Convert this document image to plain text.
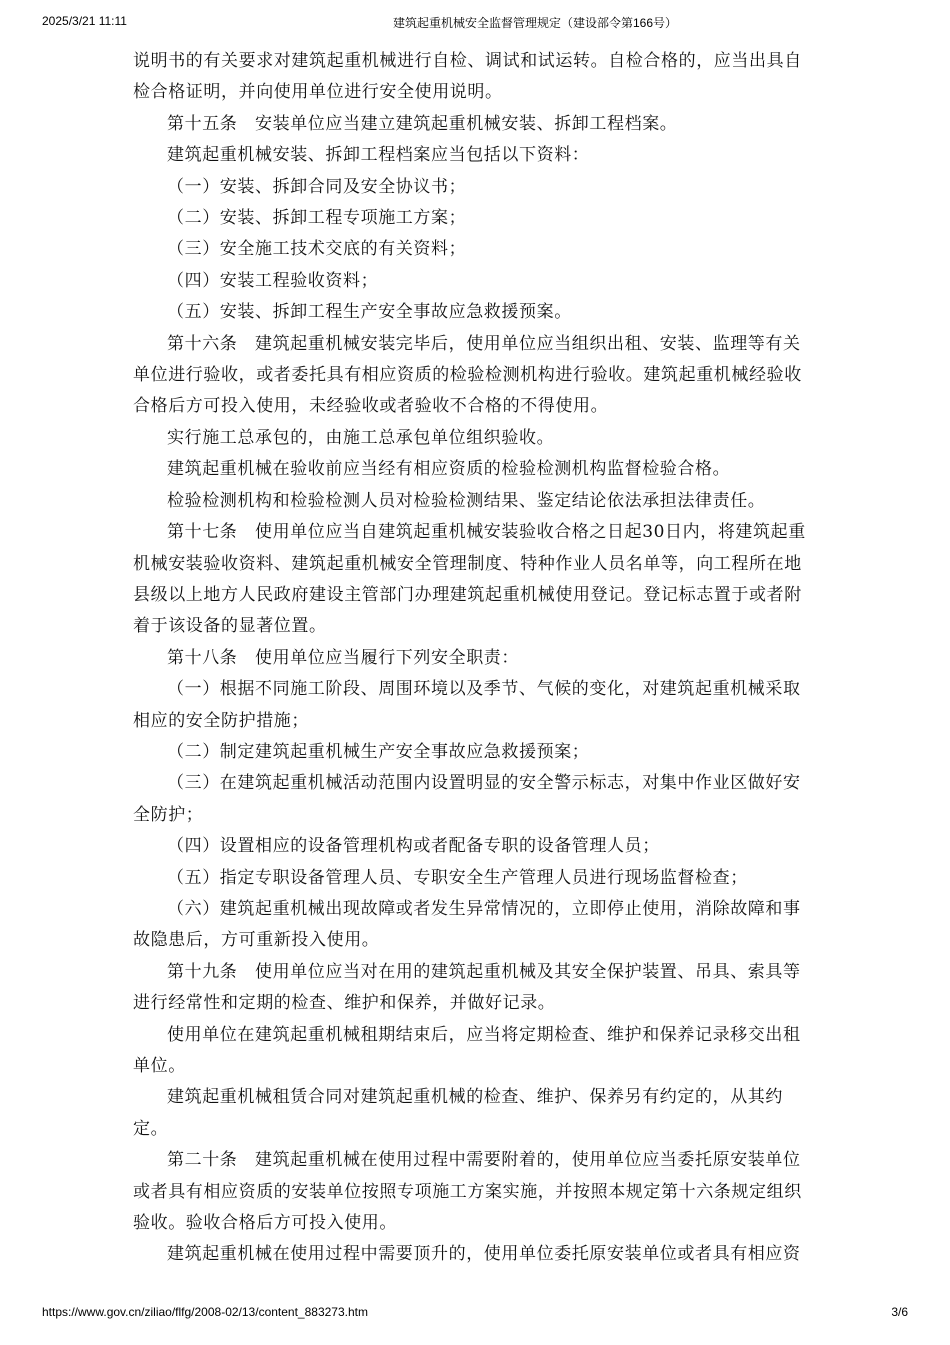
2025/3/21 11:11	建筑起重机械安全监督管理规定（建设部令第166号）

说明书的有关要求对建筑起重机械进行自检、调试和试运转。自检合格的，应当出具自检合格证明，并向使用单位进行安全使用说明。

第十五条　安装单位应当建立建筑起重机械安装、拆卸工程档案。

建筑起重机械安装、拆卸工程档案应当包括以下资料：

（一）安装、拆卸合同及安全协议书；

（二）安装、拆卸工程专项施工方案；

（三）安全施工技术交底的有关资料；

（四）安装工程验收资料；

（五）安装、拆卸工程生产安全事故应急救援预案。

第十六条　建筑起重机械安装完毕后，使用单位应当组织出租、安装、监理等有关单位进行验收，或者委托具有相应资质的检验检测机构进行验收。建筑起重机械经验收合格后方可投入使用，未经验收或者验收不合格的不得使用。

实行施工总承包的，由施工总承包单位组织验收。

建筑起重机械在验收前应当经有相应资质的检验检测机构监督检验合格。

检验检测机构和检验检测人员对检验检测结果、鉴定结论依法承担法律责任。

第十七条　使用单位应当自建筑起重机械安装验收合格之日起30日内，将建筑起重机械安装验收资料、建筑起重机械安全管理制度、特种作业人员名单等，向工程所在地县级以上地方人民政府建设主管部门办理建筑起重机械使用登记。登记标志置于或者附着于该设备的显著位置。

第十八条　使用单位应当履行下列安全职责：

（一）根据不同施工阶段、周围环境以及季节、气候的变化，对建筑起重机械采取相应的安全防护措施；

（二）制定建筑起重机械生产安全事故应急救援预案；

（三）在建筑起重机械活动范围内设置明显的安全警示标志，对集中作业区做好安全防护；

（四）设置相应的设备管理机构或者配备专职的设备管理人员；

（五）指定专职设备管理人员、专职安全生产管理人员进行现场监督检查；

（六）建筑起重机械出现故障或者发生异常情况的，立即停止使用，消除故障和事故隐患后，方可重新投入使用。

第十九条　使用单位应当对在用的建筑起重机械及其安全保护装置、吊具、索具等进行经常性和定期的检查、维护和保养，并做好记录。

使用单位在建筑起重机械租期结束后，应当将定期检查、维护和保养记录移交出租单位。

建筑起重机械租赁合同对建筑起重机械的检查、维护、保养另有约定的，从其约定。

第二十条　建筑起重机械在使用过程中需要附着的，使用单位应当委托原安装单位或者具有相应资质的安装单位按照专项施工方案实施，并按照本规定第十六条规定组织验收。验收合格后方可投入使用。

建筑起重机械在使用过程中需要顶升的，使用单位委托原安装单位或者具有相应资

https://www.gov.cn/ziliao/flfg/2008-02/13/content_883273.htm	3/6
